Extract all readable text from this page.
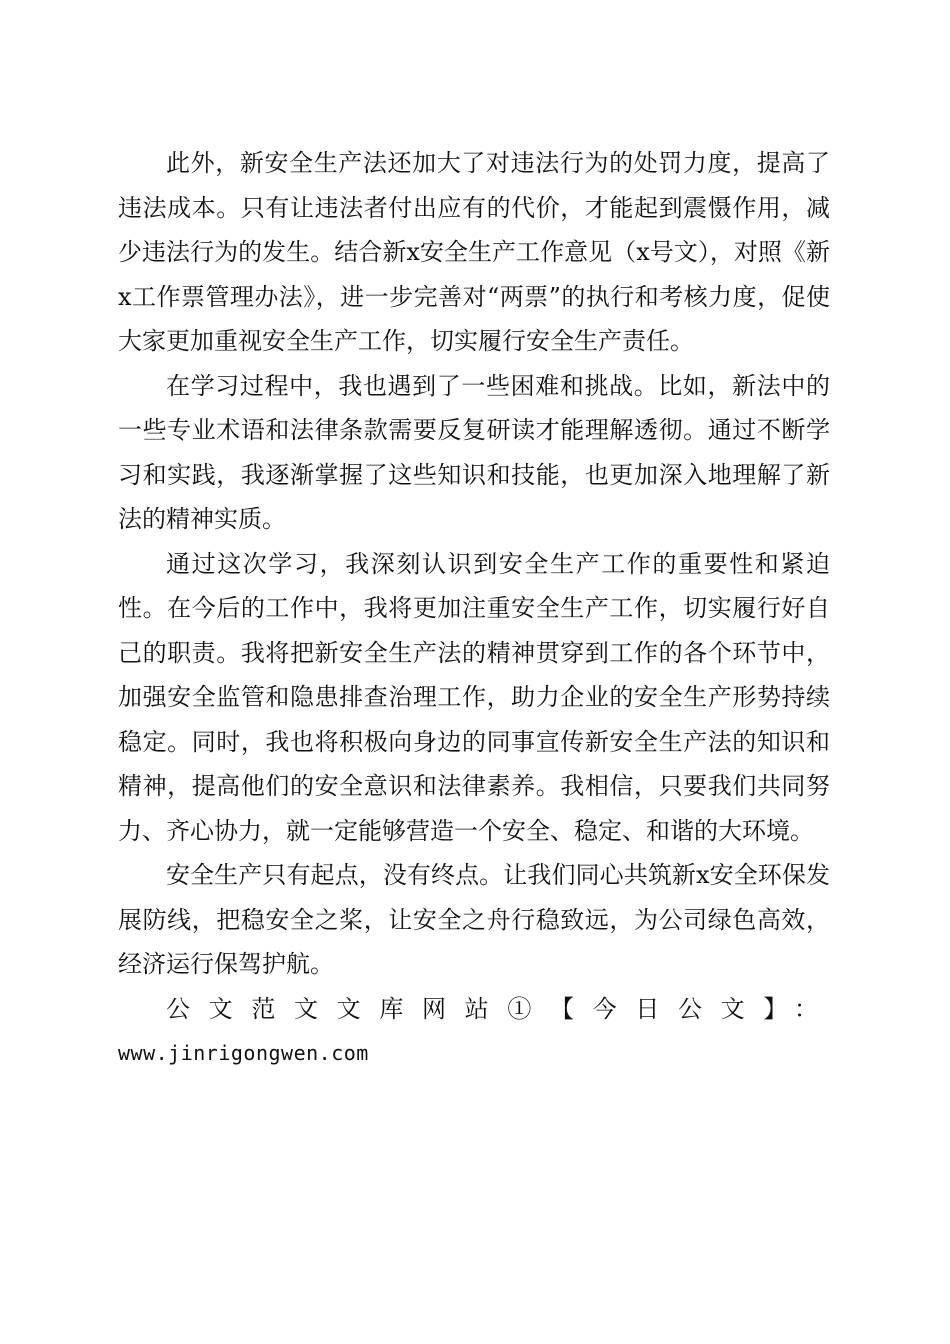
此外，新安全生产法还加大了对违法行为的处罚力度，提高了违法成本。只有让违法者付出应有的代价，才能起到震慑作用，减少违法行为的发生。结合新x安全生产工作意见（x号文），对照《新x工作票管理办法》，进一步完善对“两票”的执行和考核力度，促使大家更加重视安全生产工作，切实履行安全生产责任。

在学习过程中，我也遇到了一些困难和挑战。比如，新法中的一些专业术语和法律条款需要反复研读才能理解透彻。通过不断学习和实践，我逐渐掌握了这些知识和技能，也更加深入地理解了新法的精神实质。

通过这次学习，我深刻认识到安全生产工作的重要性和紧迫性。在今后的工作中，我将更加注重安全生产工作，切实履行好自己的职责。我将把新安全生产法的精神贯穿到工作的各个环节中，加强安全监管和隐患排查治理工作，助力企业的安全生产形势持续稳定。同时，我也将积极向身边的同事宣传新安全生产法的知识和精神，提高他们的安全意识和法律素养。我相信，只要我们共同努力、齐心协力，就一定能够营造一个安全、稳定、和谐的大环境。

安全生产只有起点，没有终点。让我们同心共筑新x安全环保发展防线，把稳安全之桨，让安全之舟行稳致远，为公司绿色高效，经济运行保驾护航。

公文范文文库网站①【今日公文】：

www.jinrigongwen.com
